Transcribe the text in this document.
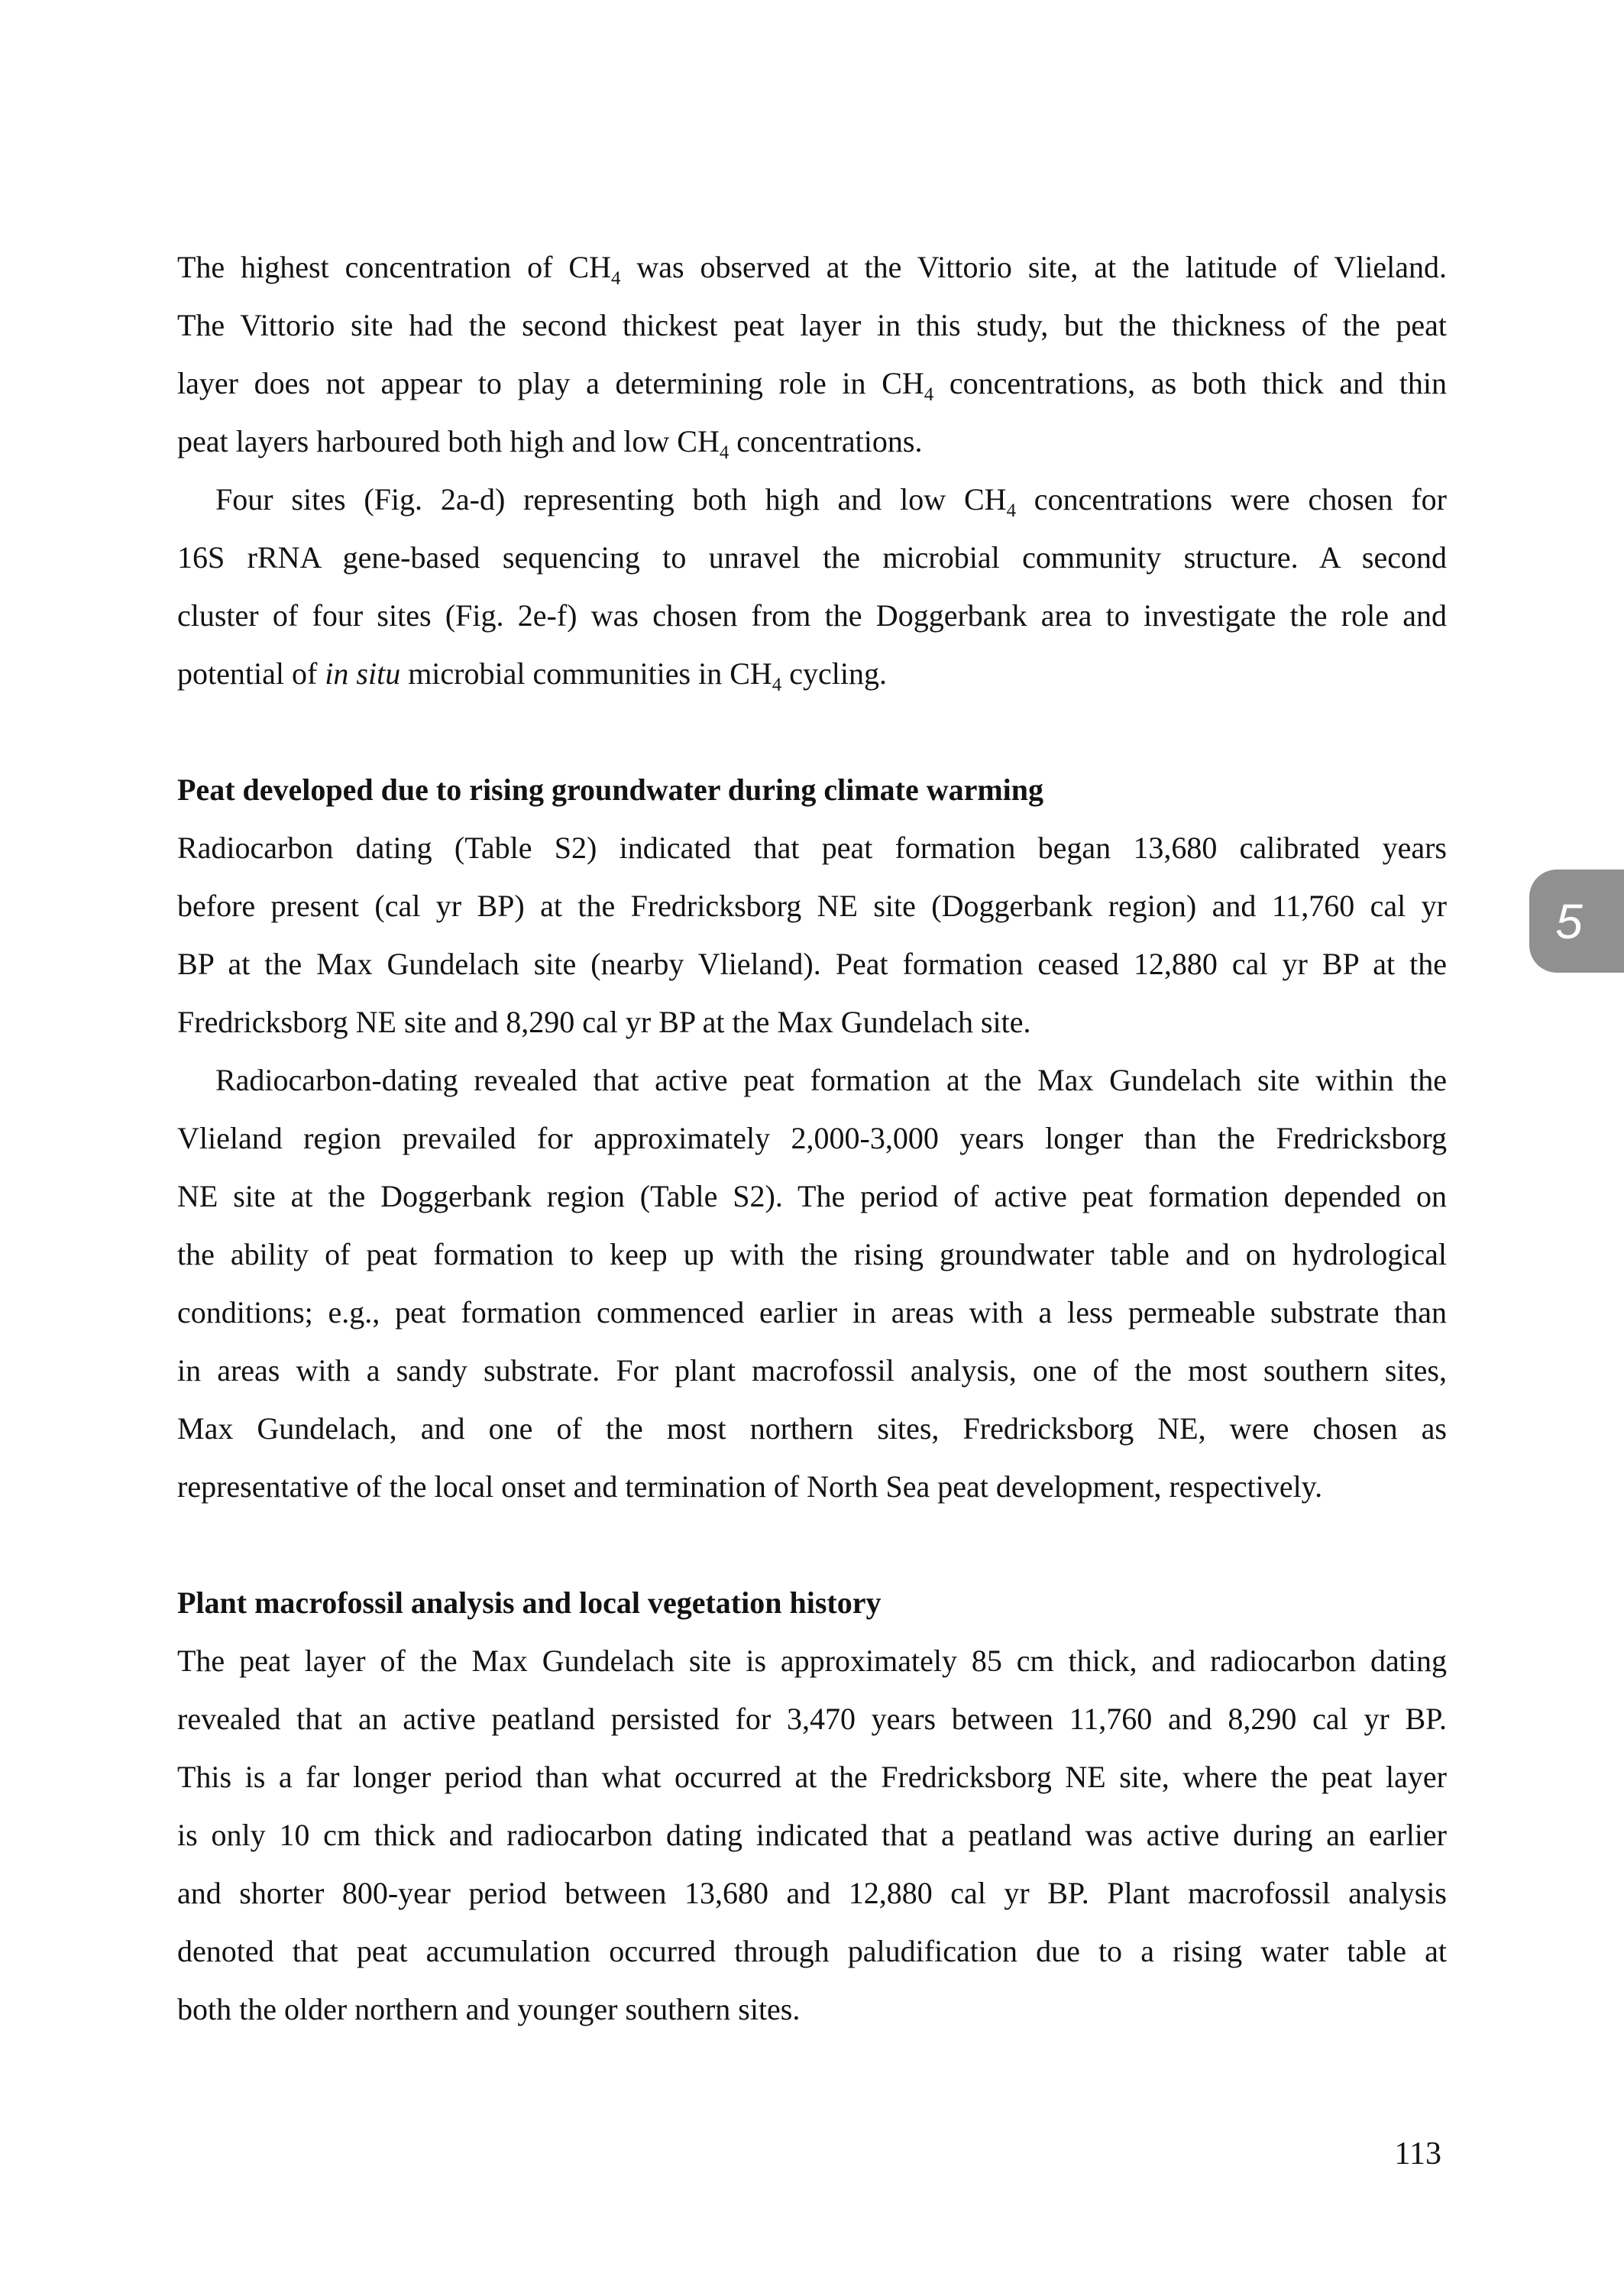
The highest concentration of $CH_4$ was observed at the Vittorio site, at the latitude of Vlieland.
The Vittorio site had the second thickest peat layer in this study, but the thickness of the peat
layer does not appear to play a determining role in $CH_4$ concentrations, as both thick and thin
peat layers harboured both high and low $CH_4$ concentrations.
Four sites (Fig. 2a-d) representing both high and low $CH_4$ concentrations were chosen for
16S rRNA gene-based sequencing to unravel the microbial community structure. A second
cluster of four sites (Fig. 2e-f) was chosen from the Doggerbank area to investigate the role and
potential of in situ microbial communities in $CH_4$ cycling.
Peat developed due to rising groundwater during climate warming
Radiocarbon dating (Table S2) indicated that peat formation began 13,680 calibrated years
before present (cal yr BP) at the Fredricksborg NE site (Doggerbank region) and 11,760 cal yr
BP at the Max Gundelach site (nearby Vlieland). Peat formation ceased 12,880 cal yr BP at the
Fredricksborg NE site and 8,290 cal yr BP at the Max Gundelach site.
Radiocarbon-dating revealed that active peat formation at the Max Gundelach site within the
Vlieland region prevailed for approximately 2,000-3,000 years longer than the Fredricksborg
NE site at the Doggerbank region (Table S2). The period of active peat formation depended on
the ability of peat formation to keep up with the rising groundwater table and on hydrological
conditions; e.g., peat formation commenced earlier in areas with a less permeable substrate than
in areas with a sandy substrate. For plant macrofossil analysis, one of the most southern sites,
Max Gundelach, and one of the most northern sites, Fredricksborg NE, were chosen as
representative of the local onset and termination of North Sea peat development, respectively.
Plant macrofossil analysis and local vegetation history
The peat layer of the Max Gundelach site is approximately 85 cm thick, and radiocarbon dating
revealed that an active peatland persisted for 3,470 years between 11,760 and 8,290 cal yr BP.
This is a far longer period than what occurred at the Fredricksborg NE site, where the peat layer
is only 10 cm thick and radiocarbon dating indicated that a peatland was active during an earlier
and shorter 800-year period between 13,680 and 12,880 cal yr BP. Plant macrofossil analysis
denoted that peat accumulation occurred through paludification due to a rising water table at
both the older northern and younger southern sites.
5
113
